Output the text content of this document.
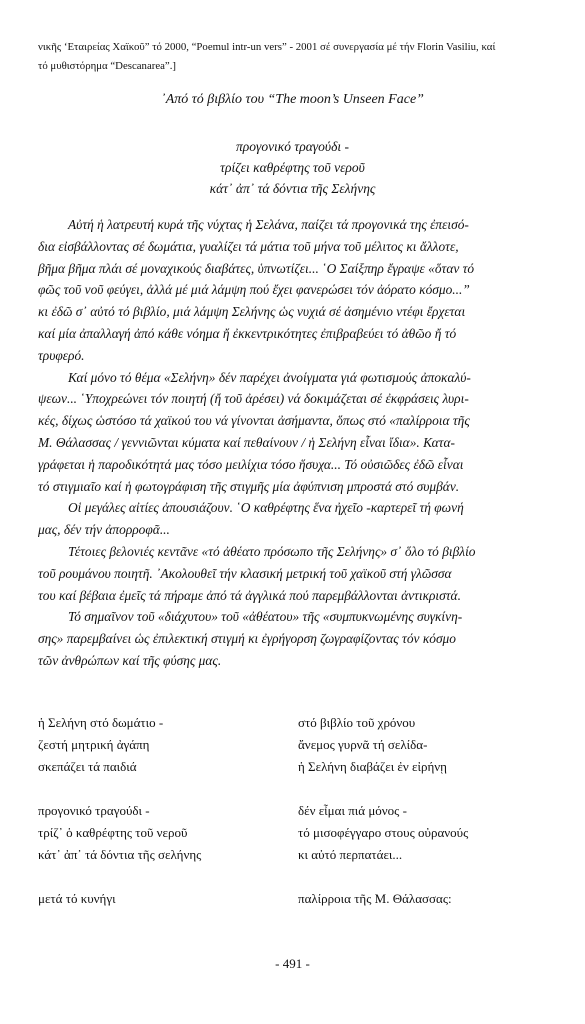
νικῆς ‘Εταιρείας Χαϊκοῦ” τό 2000, “Poemul intr-un vers” - 2001 σέ συνεργασία μέ τήν Florin Vasiliu, καί
τό μυθιστόρημα “Descanarea”.]
᾿Από τό βιβλίο του “The moon’s Unseen Face”
προγονικό τραγούδι -
τρίζει καθρέφτης τοῦ νεροῦ
κάτ᾿ ἀπ᾿ τά δόντια τῆς Σελήνης
Αὐτή ἡ λατρευτή κυρά τῆς νύχτας ἡ Σελάνα, παίζει τά προγονικά της ἐπεισό-
δια εἰσβάλλοντας σέ δωμάτια, γυαλίζει τά μάτια τοῦ μήνα τοῦ μέλιτος κι ἄλλοτε,
βῆμα βῆμα πλάι σέ μοναχικούς διαβάτες, ὑπνωτίζει... ῾Ο Σαίξπηρ ἔγραψε «ὅταν τό
φῶς τοῦ νοῦ φεύγει, ἀλλά μέ μιά λάμψη πού ἔχει φανερώσει τόν ἀόρατο κόσμο...”
κι ἐδῶ σ᾿ αὐτό τό βιβλίο, μιά λάμψη Σελήνης ὡς νυχιά σέ ἀσημένιο ντέφι ἔρχεται
καί μία ἀπαλλαγή ἀπό κάθε νόημα ἤ ἐκκεντρικότητες ἐπιβραβεύει τό ἀθῶο ἤ τό
τρυφερό.
Καί μόνο τό θέμα «Σελήνη» δέν παρέχει ἀνοίγματα γιά φωτισμούς ἀποκαλύ-
ψεων... ῾Υποχρεώνει τόν ποιητή (ἤ τοῦ ἀρέσει) νά δοκιμάζεται σέ ἐκφράσεις λυρι-
κές, δίχως ὡστόσο τά χαϊκού του νά γίνονται ἀσήμαντα, ὅπως στό «παλίρροια τῆς
Μ. Θάλασσας / γεννιῶνται κύματα καί πεθαίνουν / ἡ Σελήνη εἶναι ἴδια». Κατα-
γράφεται ἡ παροδικότητά μας τόσο μειλίχια τόσο ἥσυχα... Τό οὐσιῶδες ἐδῶ εἶναι
τό στιγμιαῖο καί ἡ φωτογράφιση τῆς στιγμῆς μία ἀφύπνιση μπροστά στό συμβάν.
Οἱ μεγάλες αἰτίες ἀπουσιάζουν. ῾Ο καθρέφτης ἕνα ἠχεῖο -καρτερεῖ τή φωνή
μας, δέν τήν ἀπορροφᾶ...
Τέτοιες βελονιές κεντᾶνε «τό ἀθέατο πρόσωπο τῆς Σελήνης» σ᾿ ὅλο τό βιβλίο
τοῦ ρουμάνου ποιητῆ. ᾿Ακολουθεῖ τήν κλασική μετρική τοῦ χαϊκοῦ στή γλῶσσα
του καί βέβαια ἐμεῖς τά πήραμε ἀπό τά ἀγγλικά πού παρεμβάλλονται ἀντικριστά.
Τό σημαῖνον τοῦ «διάχυτου» τοῦ «ἀθέατου» τῆς «συμπυκνωμένης συγκίνη-
σης» παρεμβαίνει ὡς ἐπιλεκτική στιγμή κι ἐγρήγορση ζωγραφίζοντας τόν κόσμο
τῶν ἀνθρώπων καί τῆς φύσης μας.
ἡ Σελήνη στό δωμάτιο -
ζεστή μητρική ἀγάπη
σκεπάζει τά παιδιά
στό βιβλίο τοῦ χρόνου
ἄνεμος γυρνᾶ τή σελίδα-
ἡ Σελήνη διαβάζει ἐν εἰρήνῃ
προγονικό τραγούδι -
τρίζ᾿ ὁ καθρέφτης τοῦ νεροῦ
κάτ᾿ ἀπ᾿ τά δόντια τῆς σελήνης
δέν εἶμαι πιά μόνος -
τό μισοφέγγαρο στους οὐρανούς
κι αὐτό περπατάει...
μετά τό κυνήγι	παλίρροια τῆς Μ. Θάλασσας:
- 491 -
